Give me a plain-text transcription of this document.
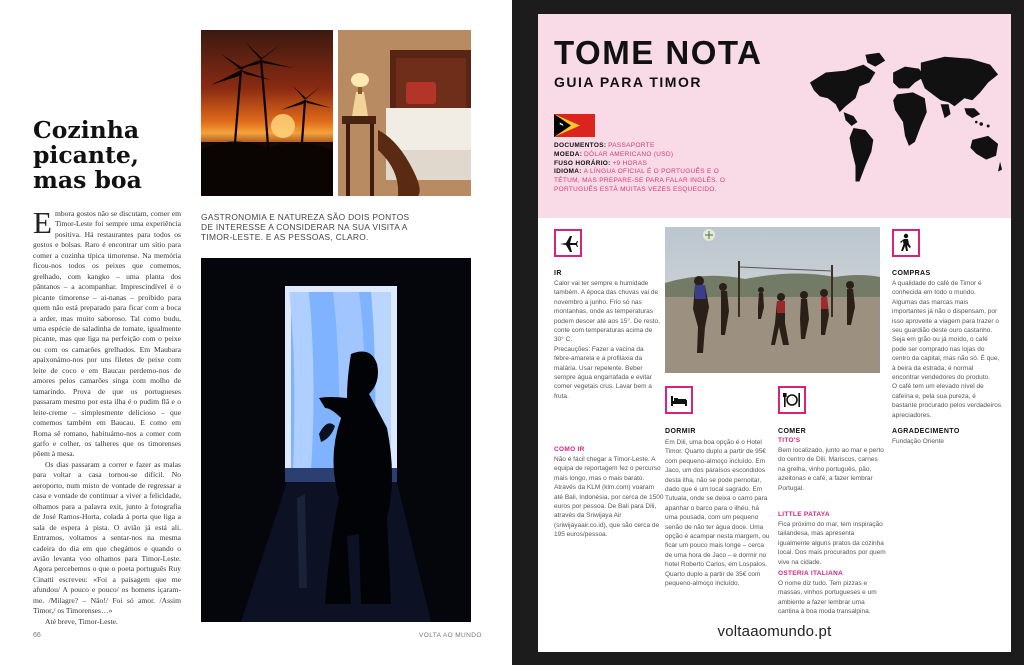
Cozinha picante, mas boa

Embora gostos não se discutam, comer em Timor-Leste foi sempre uma experiência positiva. Há restaurantes para todos os gostos e bolsas. Raro é encontrar um sítio para comer a cozinha típica timorense. Na memória ficou-nos todos os peixes que comemos, grelhado, com kangko – uma planta dos pântanos – a acompanhar. Imprescindível é o picante timorense – ai-nanas – proibido para quem não está preparado para ficar com a boca a arder, mas muito saboroso. Tal como budu, uma espécie de saladinha de tomate, igualmente picante, mas que liga na perfeição com o peixe ou com os camarões grelhados. Em Maubara apaixonámo-nos por uns filetes de peixe com leite de coco e em Baucau perdemo-nos de amores pelos camarões singa com molho de tamarindo. Prova de que os portugueses passaram mesmo por esta ilha é o pudim flã e o leite-creme – simplesmente delicioso – que comemos também em Baucau. E como em Roma sê romano, habituámo-nos a comer com garfo e colher, os talheres que os timorenses põem à mesa.

Os dias passaram a correr e fazer as malas para voltar a casa tornou-se difícil. No aeroporto, num misto de vontade de regressar a casa e vontade de continuar a viver a felicidade, olhamos para a palavra exit, junto à fotografia de José Ramos-Horta, colada à porta que liga a sala de espera à pista. O avião já está ali. Entramos, voltamos a sentar-nos na mesma cadeira do dia em que chegámos e quando o avião levanta voo olhamos para Timor-Leste. Agora percebemos o que o poeta português Ruy Cinatti escreveu: «Foi a paisagem que me afundou/ A pouco e pouco/ os homens içaram-me. /Milagre? – Não!/ Foi só amor. /Assim Timor,/ os Timorenses…»

Até breve, Timor-Leste.

GASTRONOMIA E NATUREZA SÃO DOIS PONTOS DE INTERESSE A CONSIDERAR NA SUA VISITA A TIMOR-LESTE. E AS PESSOAS, CLARO.

66	VOLTA AO MUNDO
TOME NOTA
GUIA PARA TIMOR
DOCUMENTOS: PASSAPORTE
MOEDA: DÓLAR AMERICANO (USD)
FUSO HORÁRIO: +9 HORAS
IDIOMA: A LÍNGUA OFICIAL É O PORTUGUÊS E O TÉTUM, MAS PREPARE-SE PARA FALAR INGLÊS. O PORTUGUÊS ESTÁ MUITAS VEZES ESQUECIDO.
IR
Calor vai ter sempre e humidade também. A época das chuvas vai de novembro a junho. Frio só nas montanhas, onde as temperaturas podem descer até aos 15°. De resto, conte com temperaturas acima de 30° C.
Precauções: Fazer a vacina da febre-amarela e a profilaxia da malária. Usar repelente. Beber sempre água engarrafada e evitar comer vegetais crus. Lavar bem a fruta.
COMO IR
Não é fácil chegar a Timor-Leste. A equipa de reportagem fez o percurso mais longo, mas o mais barato. Através da KLM (klm.com) voaram até Bali, Indonésia, por cerca de 1500 euros por pessoa. De Bali para Dili, através da Sriwijaya Air (sriwijayaair.co.id), que são cerca de 195 euros/pessoa.
DORMIR
Em Dili, uma boa opção é o Hotel Timor. Quarto duplo a partir de 95€ com pequeno-almoço incluído. Em Jaco, um dos paraísos escondidos desta ilha, não se pode pernoitar, dado que é um local sagrado. Em Tutuala, onde se deixa o carro para apanhar o barco para o ilhéu, há uma pousada, com um pequeno senão de não ter água doce. Uma opção é acampar nesta margem, ou ficar um pouco mais longe – cerca de uma hora de Jaco – e dormir no hotel Roberto Carlos, em Lospalos. Quarto duplo a partir de 35€ com pequeno-almoço incluído.
COMER
TITO'S
Bem localizado, junto ao mar e perto do centro de Dili. Mariscos, carnes na grelha, vinho português, pão, azeitonas e café, a fazer lembrar Portugal.
LITTLE PATAYA
Fica próximo do mar, tem inspiração tailandesa, mas apresenta igualmente alguns pratos da cozinha local. Dos mais procurados por quem vive na cidade.
OSTERIA ITALIANA
O nome diz tudo. Tem pizzas e massas, vinhos portugueses e um ambiente a fazer lembrar uma cantina à boa moda transalpina.
COMPRAS
A qualidade do café de Timor é conhecida em todo o mundo. Algumas das marcas mais importantes já não o dispensam, por isso aproveite a viagem para trazer o seu guardião deste ouro castanho. Seja em grão ou já moído, o café pode ser comprado nas lojas do centro da capital, mas não só. É que, à beira da estrada, é normal encontrar vendedores do produto.
O café tem um elevado nível de cafeína e, pela sua pureza, é bastante procurado pelos verdadeiros apreciadores.
AGRADECIMENTO
Fundação Oriente
voltaaomundo.pt
